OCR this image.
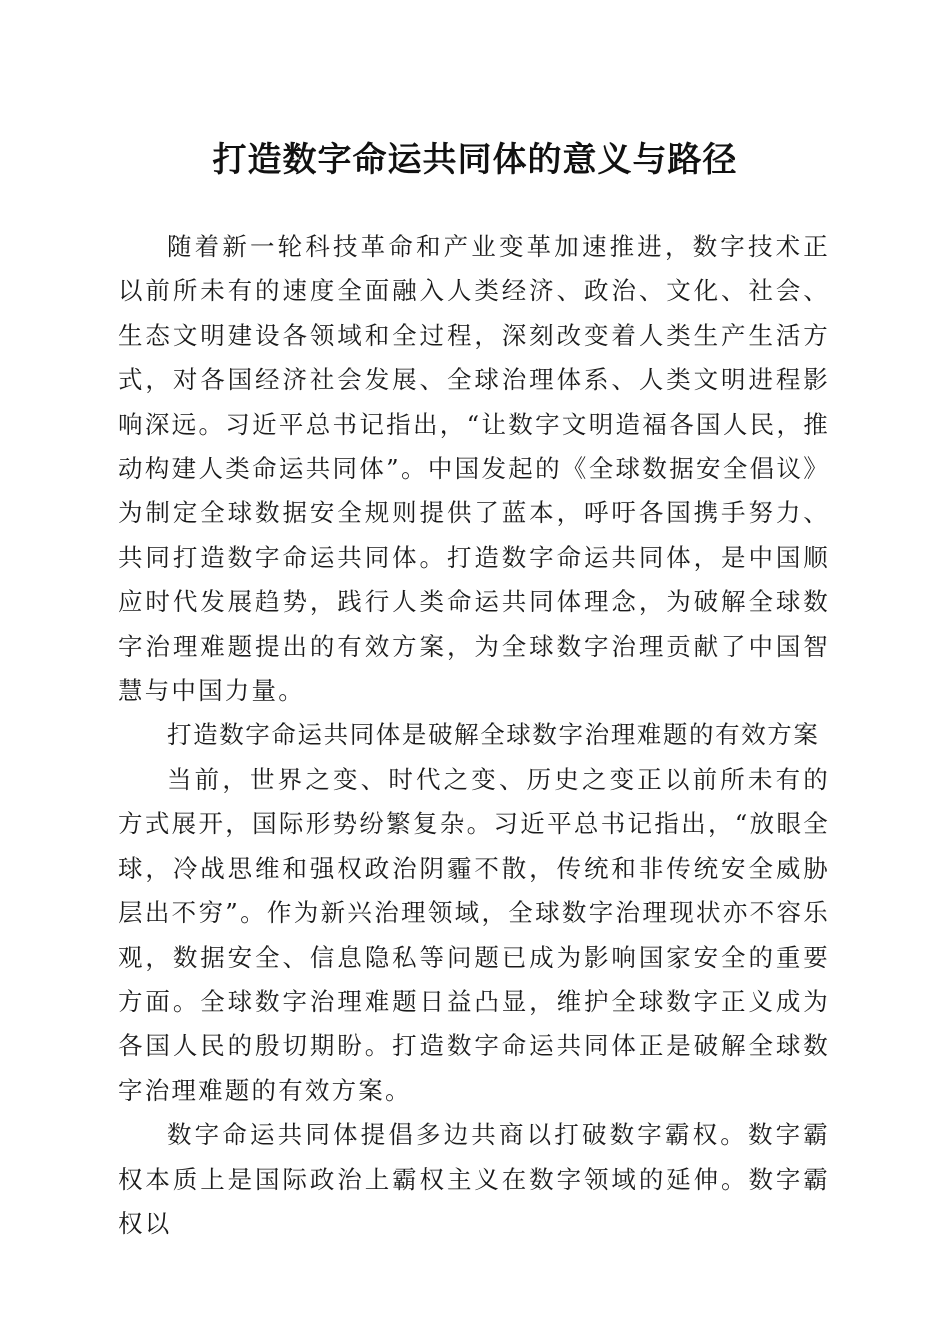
打造数字命运共同体的意义与路径

随着新一轮科技革命和产业变革加速推进，数字技术正以前所未有的速度全面融入人类经济、政治、文化、社会、生态文明建设各领域和全过程，深刻改变着人类生产生活方式，对各国经济社会发展、全球治理体系、人类文明进程影响深远。习近平总书记指出，“让数字文明造福各国人民，推动构建人类命运共同体”。中国发起的《全球数据安全倡议》为制定全球数据安全规则提供了蓝本，呼吁各国携手努力、共同打造数字命运共同体。打造数字命运共同体，是中国顺应时代发展趋势，践行人类命运共同体理念，为破解全球数字治理难题提出的有效方案，为全球数字治理贡献了中国智慧与中国力量。

打造数字命运共同体是破解全球数字治理难题的有效方案

当前，世界之变、时代之变、历史之变正以前所未有的方式展开，国际形势纷繁复杂。习近平总书记指出，“放眼全球，冷战思维和强权政治阴霾不散，传统和非传统安全威胁层出不穷”。作为新兴治理领域，全球数字治理现状亦不容乐观，数据安全、信息隐私等问题已成为影响国家安全的重要方面。全球数字治理难题日益凸显，维护全球数字正义成为各国人民的殷切期盼。打造数字命运共同体正是破解全球数字治理难题的有效方案。

数字命运共同体提倡多边共商以打破数字霸权。数字霸权本质上是国际政治上霸权主义在数字领域的延伸。数字霸权以
